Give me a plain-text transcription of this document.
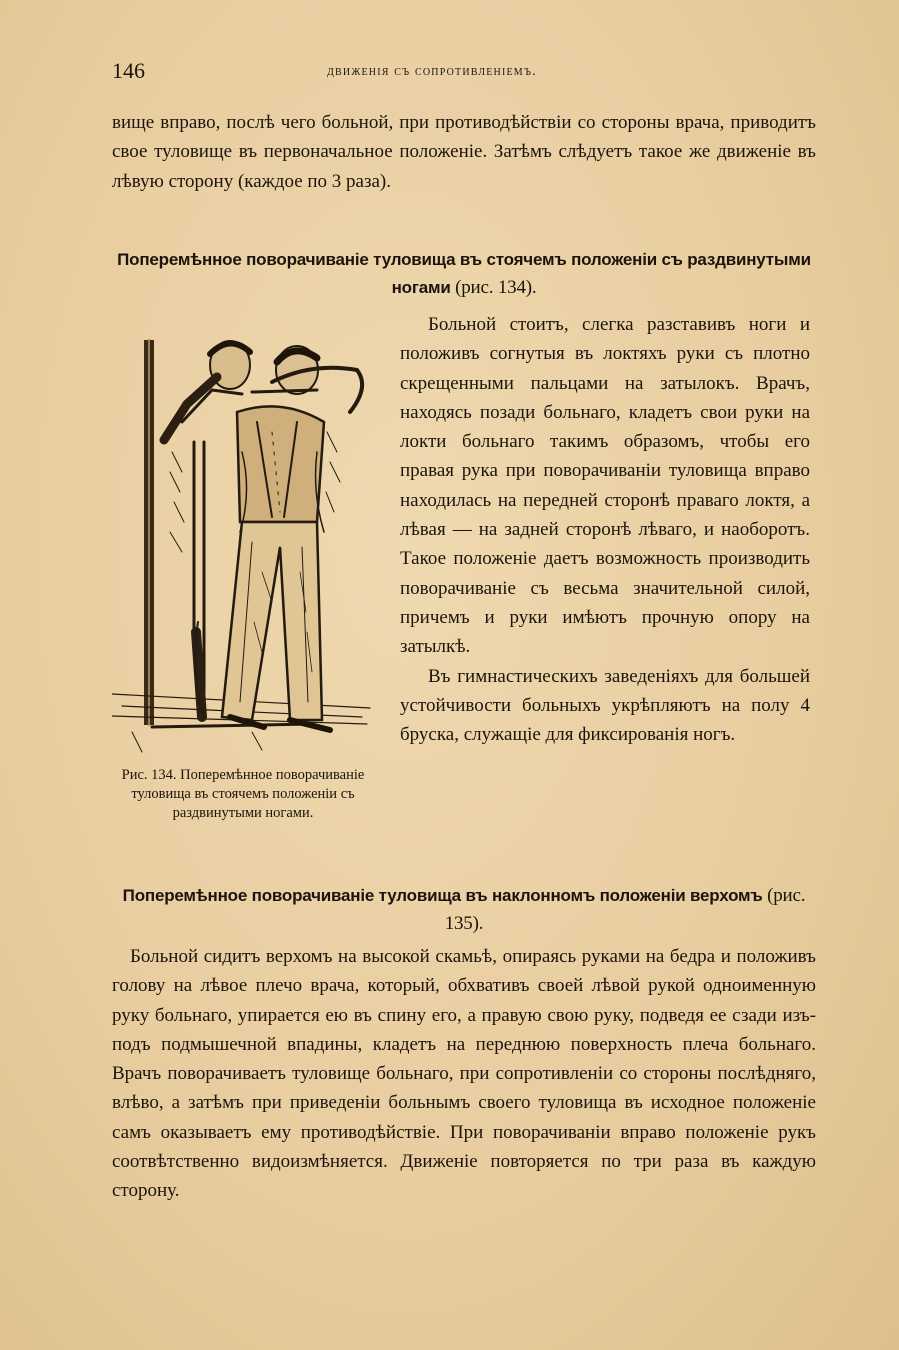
146	движенія съ сопротивленіемъ.
вище вправо, послѣ чего больной, при противодѣйствіи со стороны врача, приводитъ свое туловище въ первоначальное положеніе. Затѣмъ слѣдуетъ такое же движеніе въ лѣвую сторону (каждое по 3 раза).
Поперемѣнное поворачиваніе туловища въ стоячемъ положеніи съ раздвинутыми ногами (рис. 134).
Рис. 134. Поперемѣнное поворачиваніе туловища въ стоячемъ положеніи съ раздвинутыми ногами.

Больной стоитъ, слегка разставивъ ноги и положивъ согнутыя въ локтяхъ руки съ плотно скрещенными пальцами на затылокъ. Врачъ, находясь позади больнаго, кладетъ свои руки на локти больнаго такимъ образомъ, чтобы его правая рука при поворачиваніи туловища вправо находилась на передней сторонѣ праваго локтя, а лѣвая — на задней сторонѣ лѣваго, и наоборотъ. Такое положеніе даетъ возможность производить поворачиваніе съ весьма значительной силой, причемъ и руки имѣютъ прочную опору на затылкѣ.

Въ гимнастическихъ заведеніяхъ для большей устойчивости больныхъ укрѣпляютъ на полу 4 бруска, служащіе для фиксированія ногъ.

Поперемѣнное поворачиваніе туловища въ наклонномъ положеніи верхомъ (рис. 135).

Больной сидитъ верхомъ на высокой скамьѣ, опираясь руками на бедра и положивъ голову на лѣвое плечо врача, который, обхвативъ своей лѣвой рукой одноименную руку больнаго, упирается ею въ спину его, а правую свою руку, подведя ее сзади изъ-подъ подмышечной впадины, кладетъ на переднюю поверхность плеча больнаго. Врачъ поворачиваетъ туловище больнаго, при сопротивленіи со стороны послѣдняго, влѣво, а затѣмъ при приведеніи больнымъ своего туловища въ исходное положеніе самъ оказываетъ ему противодѣйствіе. При поворачиваніи вправо положеніе рукъ соотвѣтственно видоизмѣняется. Движеніе повторяется по три раза въ каждую сторону.
